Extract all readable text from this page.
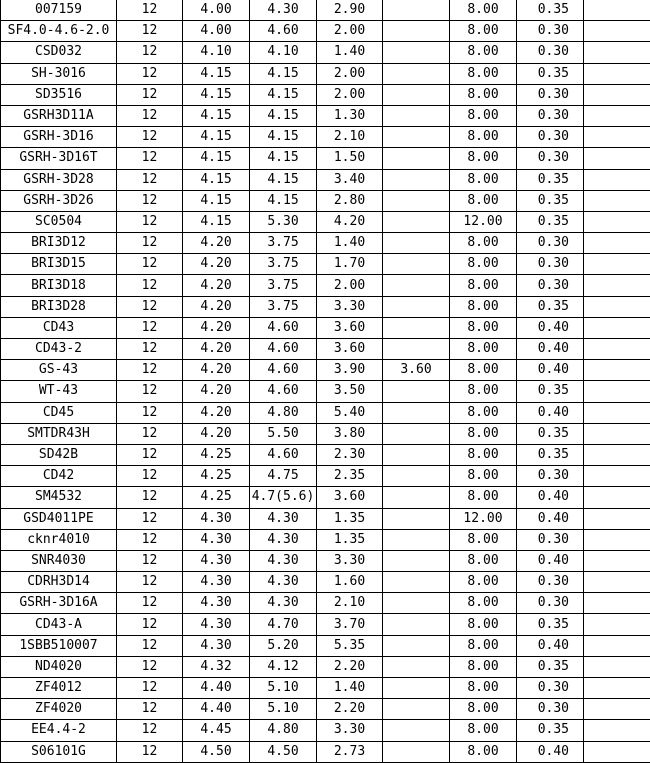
007159	12	4.00	4.30	2.90		8.00	0.35	
SF4.0-4.6-2.0	12	4.00	4.60	2.00		8.00	0.30	
CSD032	12	4.10	4.10	1.40		8.00	0.30	
SH-3016	12	4.15	4.15	2.00		8.00	0.35	
SD3516	12	4.15	4.15	2.00		8.00	0.30	
GSRH3D11A	12	4.15	4.15	1.30		8.00	0.30	
GSRH-3D16	12	4.15	4.15	2.10		8.00	0.30	
GSRH-3D16T	12	4.15	4.15	1.50		8.00	0.30	
GSRH-3D28	12	4.15	4.15	3.40		8.00	0.35	
GSRH-3D26	12	4.15	4.15	2.80		8.00	0.35	
SC0504	12	4.15	5.30	4.20		12.00	0.35	
BRI3D12	12	4.20	3.75	1.40		8.00	0.30	
BRI3D15	12	4.20	3.75	1.70		8.00	0.30	
BRI3D18	12	4.20	3.75	2.00		8.00	0.30	
BRI3D28	12	4.20	3.75	3.30		8.00	0.35	
CD43	12	4.20	4.60	3.60		8.00	0.40	
CD43-2	12	4.20	4.60	3.60		8.00	0.40	
GS-43	12	4.20	4.60	3.90	3.60	8.00	0.40	
WT-43	12	4.20	4.60	3.50		8.00	0.35	
CD45	12	4.20	4.80	5.40		8.00	0.40	
SMTDR43H	12	4.20	5.50	3.80		8.00	0.35	
SD42B	12	4.25	4.60	2.30		8.00	0.35	
CD42	12	4.25	4.75	2.35		8.00	0.30	
SM4532	12	4.25	4.7(5.6)	3.60		8.00	0.40	
GSD4011PE	12	4.30	4.30	1.35		12.00	0.40	
cknr4010	12	4.30	4.30	1.35		8.00	0.30	
SNR4030	12	4.30	4.30	3.30		8.00	0.40	
CDRH3D14	12	4.30	4.30	1.60		8.00	0.30	
GSRH-3D16A	12	4.30	4.30	2.10		8.00	0.30	
CD43-A	12	4.30	4.70	3.70		8.00	0.35	
1SBB510007	12	4.30	5.20	5.35		8.00	0.40	
ND4020	12	4.32	4.12	2.20		8.00	0.35	
ZF4012	12	4.40	5.10	1.40		8.00	0.30	
ZF4020	12	4.40	5.10	2.20		8.00	0.30	
EE4.4-2	12	4.45	4.80	3.30		8.00	0.35	
S06101G	12	4.50	4.50	2.73		8.00	0.40	
